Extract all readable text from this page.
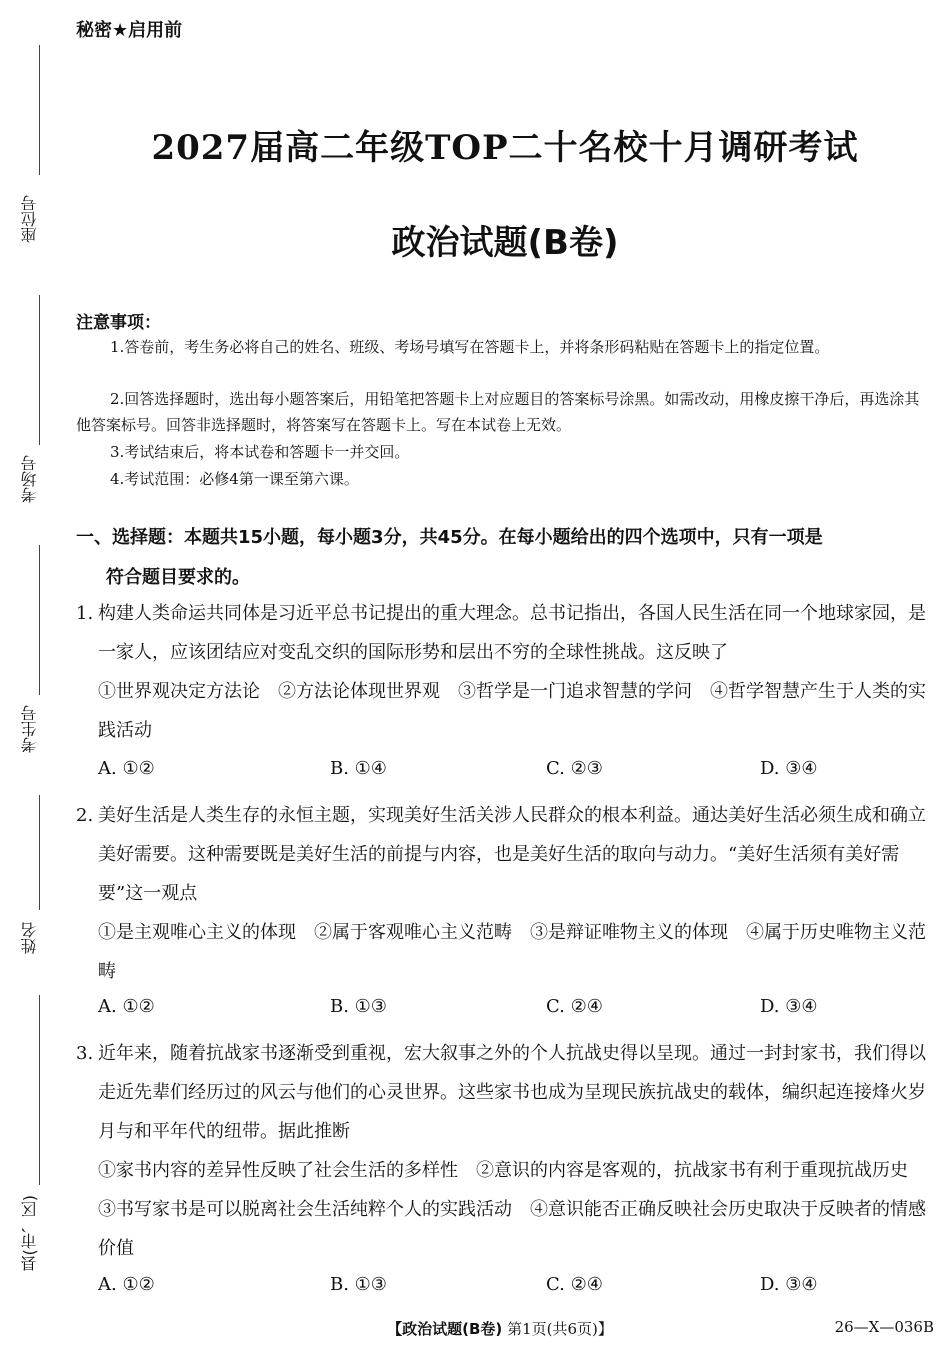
秘密★启用前
座位号
考场号
考生号
姓名
县(市、区)
2027届高二年级TOP二十名校十月调研考试
政治试题(B卷)
注意事项：
1.答卷前，考生务必将自己的姓名、班级、考场号填写在答题卡上，并将条形码粘贴在答题卡上的指定位置。
2.回答选择题时，选出每小题答案后，用铅笔把答题卡上对应题目的答案标号涂黑。如需改动，用橡皮擦干净后，再选涂其他答案标号。回答非选择题时，将答案写在答题卡上。写在本试卷上无效。
3.考试结束后，将本试卷和答题卡一并交回。
4.考试范围：必修4第一课至第六课。
一、选择题：本题共15小题，每小题3分，共45分。在每小题给出的四个选项中，只有一项是
符合题目要求的。
1. 构建人类命运共同体是习近平总书记提出的重大理念。总书记指出，各国人民生活在同一个地球家园，是一家人，应该团结应对变乱交织的国际形势和层出不穷的全球性挑战。这反映了
①世界观决定方法论　②方法论体现世界观　③哲学是一门追求智慧的学问　④哲学智慧产生于人类的实践活动
A. ①②	B. ①④	C. ②③	D. ③④
2. 美好生活是人类生存的永恒主题，实现美好生活关涉人民群众的根本利益。通达美好生活必须生成和确立美好需要。这种需要既是美好生活的前提与内容，也是美好生活的取向与动力。“美好生活须有美好需要”这一观点
①是主观唯心主义的体现　②属于客观唯心主义范畴　③是辩证唯物主义的体现　④属于历史唯物主义范畴
A. ①②	B. ①③	C. ②④	D. ③④
3. 近年来，随着抗战家书逐渐受到重视，宏大叙事之外的个人抗战史得以呈现。通过一封封家书，我们得以走近先辈们经历过的风云与他们的心灵世界。这些家书也成为呈现民族抗战史的载体，编织起连接烽火岁月与和平年代的纽带。据此推断
①家书内容的差异性反映了社会生活的多样性　②意识的内容是客观的，抗战家书有利于重现抗战历史　③书写家书是可以脱离社会生活纯粹个人的实践活动　④意识能否正确反映社会历史取决于反映者的情感价值
A. ①②	B. ①③	C. ②④	D. ③④
【政治试题(B卷) 第1页(共6页)】	26—X—036B
